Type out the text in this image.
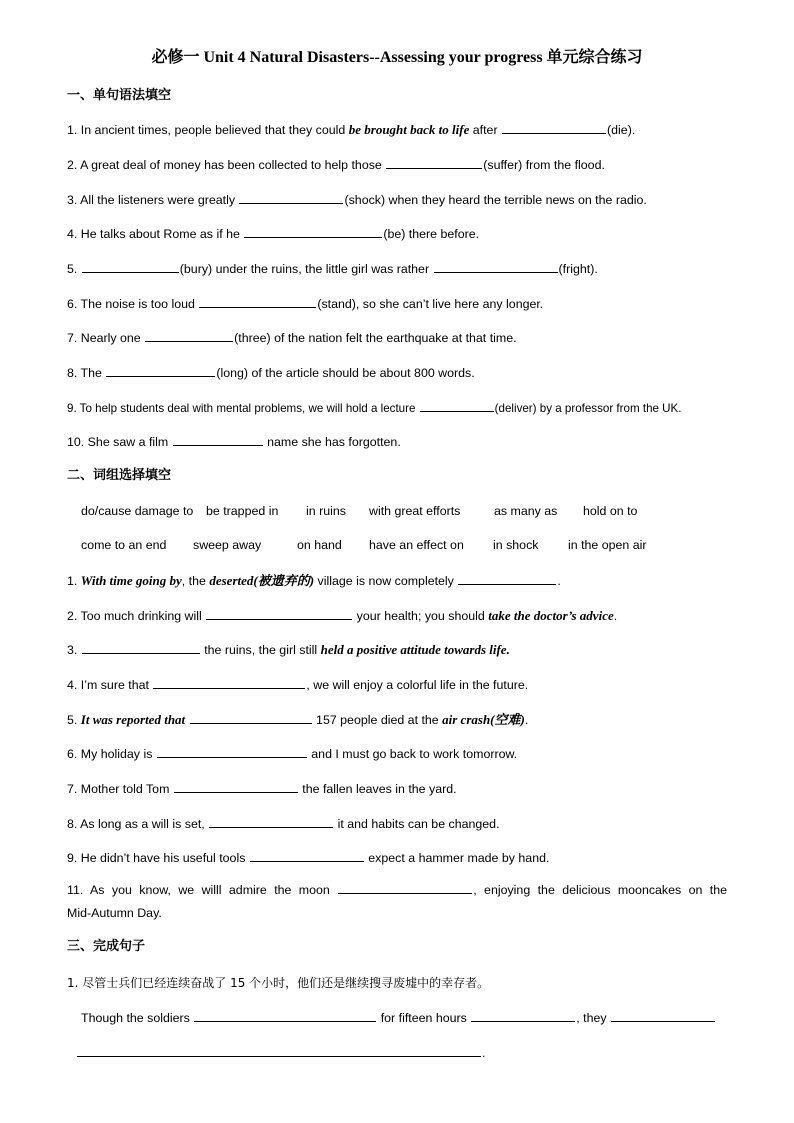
必修一 Unit 4 Natural Disasters--Assessing your progress 单元综合练习
一、单句语法填空
1. In ancient times, people believed that they could be brought back to life after	(die).
2. A great deal of money has been collected to help those	(suffer) from the flood.
3. All the listeners were greatly	(shock) when they heard the terrible news on the radio.
4. He talks about Rome as if he	(be) there before.
5.	(bury) under the ruins, the little girl was rather	(fright).
6. The noise is too loud	(stand), so she can’t live here any longer.
7. Nearly one	(three) of the nation felt the earthquake at that time.
8. The	(long) of the article should be about 800 words.
9. To help students deal with mental problems, we will hold a lecture	(deliver) by a professor from the UK.
10. She saw a film	name she has forgotten.
二、词组选择填空
do/cause damage to be trapped in in ruins with great efforts	as many as hold on to
come to an end sweep away	on hand have an effect on in shock in the open air
1. With time going by, the deserted(被遗弃的) village is now completely	.
2. Too much drinking will	your health; you should take the doctor’s advice.
3.	the ruins, the girl still held a positive attitude towards life.
4. I’m sure that	, we will enjoy a colorful life in the future.
5. It was reported that	157 people died at the air crash(空难).
6. My holiday is	and I must go back to work tomorrow.
7. Mother told Tom	the fallen leaves in the yard.
8. As long as a will is set,	it and habits can be changed.
9. He didn’t have his useful tools	expect a hammer made by hand.
11. As you know, we willl admire the moon	, enjoying the delicious mooncakes on the
Mid-Autumn Day.
三、完成句子
1. 尽管士兵们已经连续奋战了 15 个小时，他们还是继续搜寻废墟中的幸存者。
Though the soldiers	for fifteen hours	, they
.
